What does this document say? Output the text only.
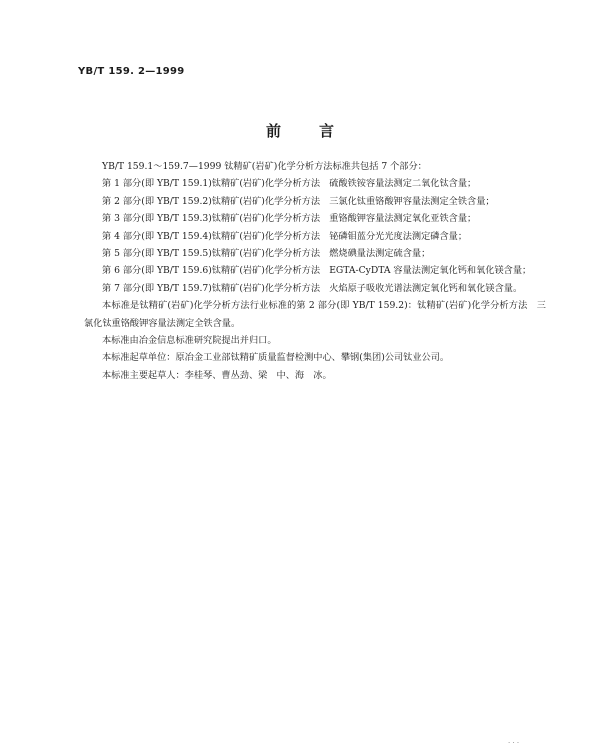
YB/T 159. 2—1999
前言

YB/T 159.1～159.7—1999 钛精矿(岩矿)化学分析方法标准共包括 7 个部分：

第 1 部分(即 YB/T 159.1)钛精矿(岩矿)化学分析方法　硫酸铁铵容量法测定二氧化钛含量；

第 2 部分(即 YB/T 159.2)钛精矿(岩矿)化学分析方法　三氯化钛重铬酸钾容量法测定全铁含量；

第 3 部分(即 YB/T 159.3)钛精矿(岩矿)化学分析方法　重铬酸钾容量法测定氧化亚铁含量；

第 4 部分(即 YB/T 159.4)钛精矿(岩矿)化学分析方法　铋磷钼蓝分光光度法测定磷含量；

第 5 部分(即 YB/T 159.5)钛精矿(岩矿)化学分析方法　燃烧碘量法测定硫含量；

第 6 部分(即 YB/T 159.6)钛精矿(岩矿)化学分析方法　EGTA-CyDTA 容量法测定氧化钙和氧化镁含量；

第 7 部分(即 YB/T 159.7)钛精矿(岩矿)化学分析方法　火焰原子吸收光谱法测定氧化钙和氧化镁含量。

本标准是钛精矿(岩矿)化学分析方法行业标准的第 2 部分(即 YB/T 159.2)：钛精矿(岩矿)化学分析方法　三氯化钛重铬酸钾容量法测定全铁含量。

本标准由冶金信息标准研究院提出并归口。

本标准起草单位：原冶金工业部钛精矿质量监督检测中心、攀钢(集团)公司钛业公司。

本标准主要起草人：李桂琴、曹丛劲、梁　中、海　冰。

· · ·
